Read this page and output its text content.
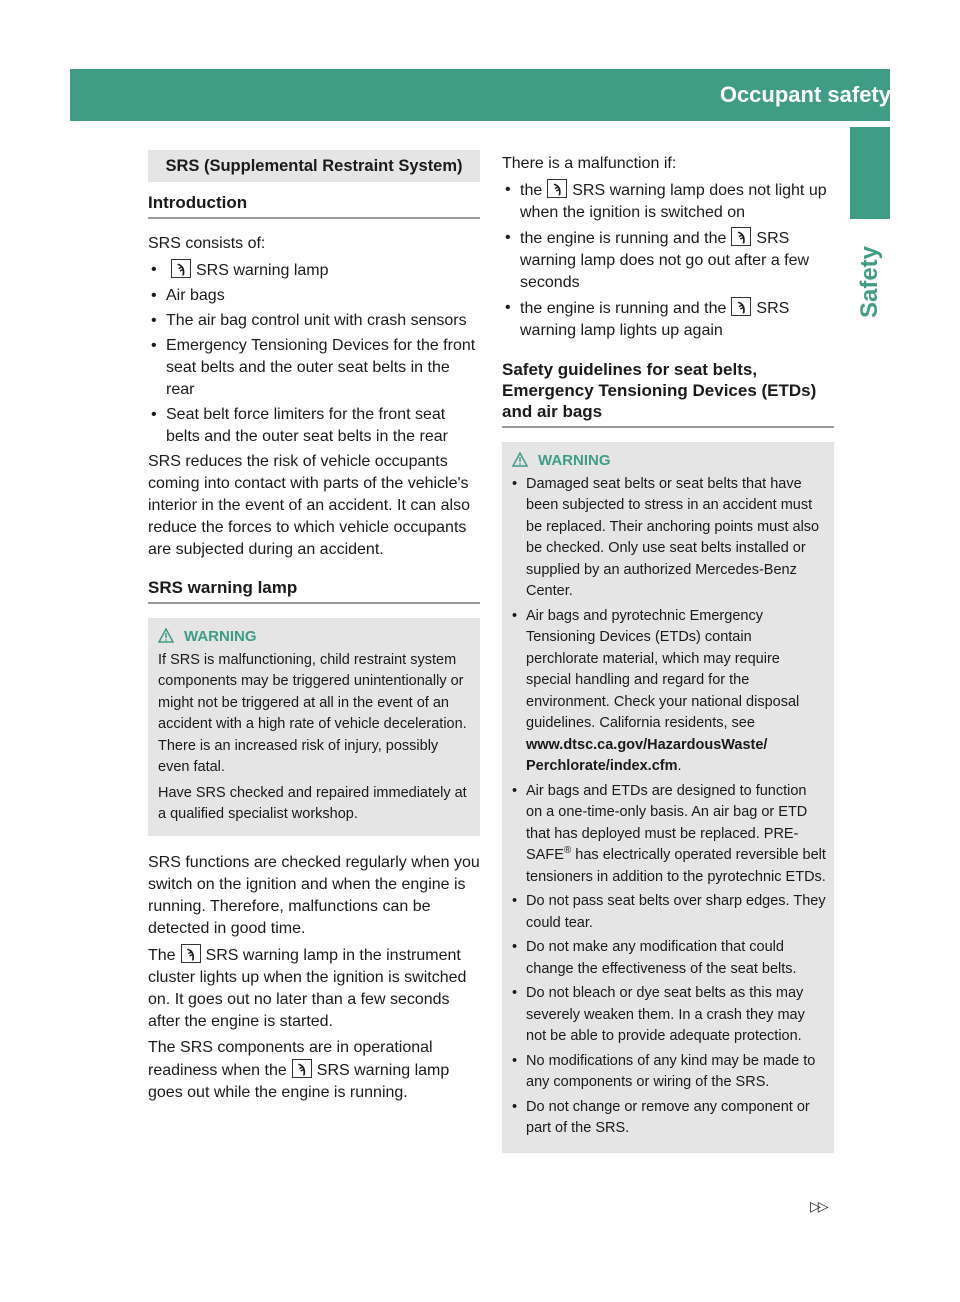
Occupant safety 43
Safety
SRS (Supplemental Restraint System)
Introduction

SRS consists of:

• ϡ SRS warning lamp
• Air bags
• The air bag control unit with crash sensors
• Emergency Tensioning Devices for the front seat belts and the outer seat belts in the rear
• Seat belt force limiters for the front seat belts and the outer seat belts in the rear

SRS reduces the risk of vehicle occupants coming into contact with parts of the vehicle's interior in the event of an accident. It can also reduce the forces to which vehicle occupants are subjected during an accident.

SRS warning lamp
WARNING

If SRS is malfunctioning, child restraint system components may be triggered unintentionally or might not be triggered at all in the event of an accident with a high rate of vehicle deceleration. There is an increased risk of injury, possibly even fatal.

Have SRS checked and repaired immediately at a qualified specialist workshop.

SRS functions are checked regularly when you switch on the ignition and when the engine is running. Therefore, malfunctions can be detected in good time.

The ϡ SRS warning lamp in the instrument cluster lights up when the ignition is switched on. It goes out no later than a few seconds after the engine is started.

The SRS components are in operational readiness when the ϡ SRS warning lamp goes out while the engine is running.

There is a malfunction if:

• the ϡ SRS warning lamp does not light up when the ignition is switched on
• the engine is running and the ϡ SRS warning lamp does not go out after a few seconds
• the engine is running and the ϡ SRS warning lamp lights up again
Safety guidelines for seat belts, Emergency Tensioning Devices (ETDs) and air bags
WARNING
• Damaged seat belts or seat belts that have been subjected to stress in an accident must be replaced. Their anchoring points must also be checked. Only use seat belts installed or supplied by an authorized Mercedes-Benz Center.
• Air bags and pyrotechnic Emergency Tensioning Devices (ETDs) contain perchlorate material, which may require special handling and regard for the environment. Check your national disposal guidelines. California residents, see www.dtsc.ca.gov/HazardousWaste/ Perchlorate/index.cfm.
• Air bags and ETDs are designed to function on a one-time-only basis. An air bag or ETD that has deployed must be replaced. PRE-SAFE® has electrically operated reversible belt tensioners in addition to the pyrotechnic ETDs.
• Do not pass seat belts over sharp edges. They could tear.
• Do not make any modification that could change the effectiveness of the seat belts.
• Do not bleach or dye seat belts as this may severely weaken them. In a crash they may not be able to provide adequate protection.
• No modifications of any kind may be made to any components or wiring of the SRS.
• Do not change or remove any component or part of the SRS.
▷▷
